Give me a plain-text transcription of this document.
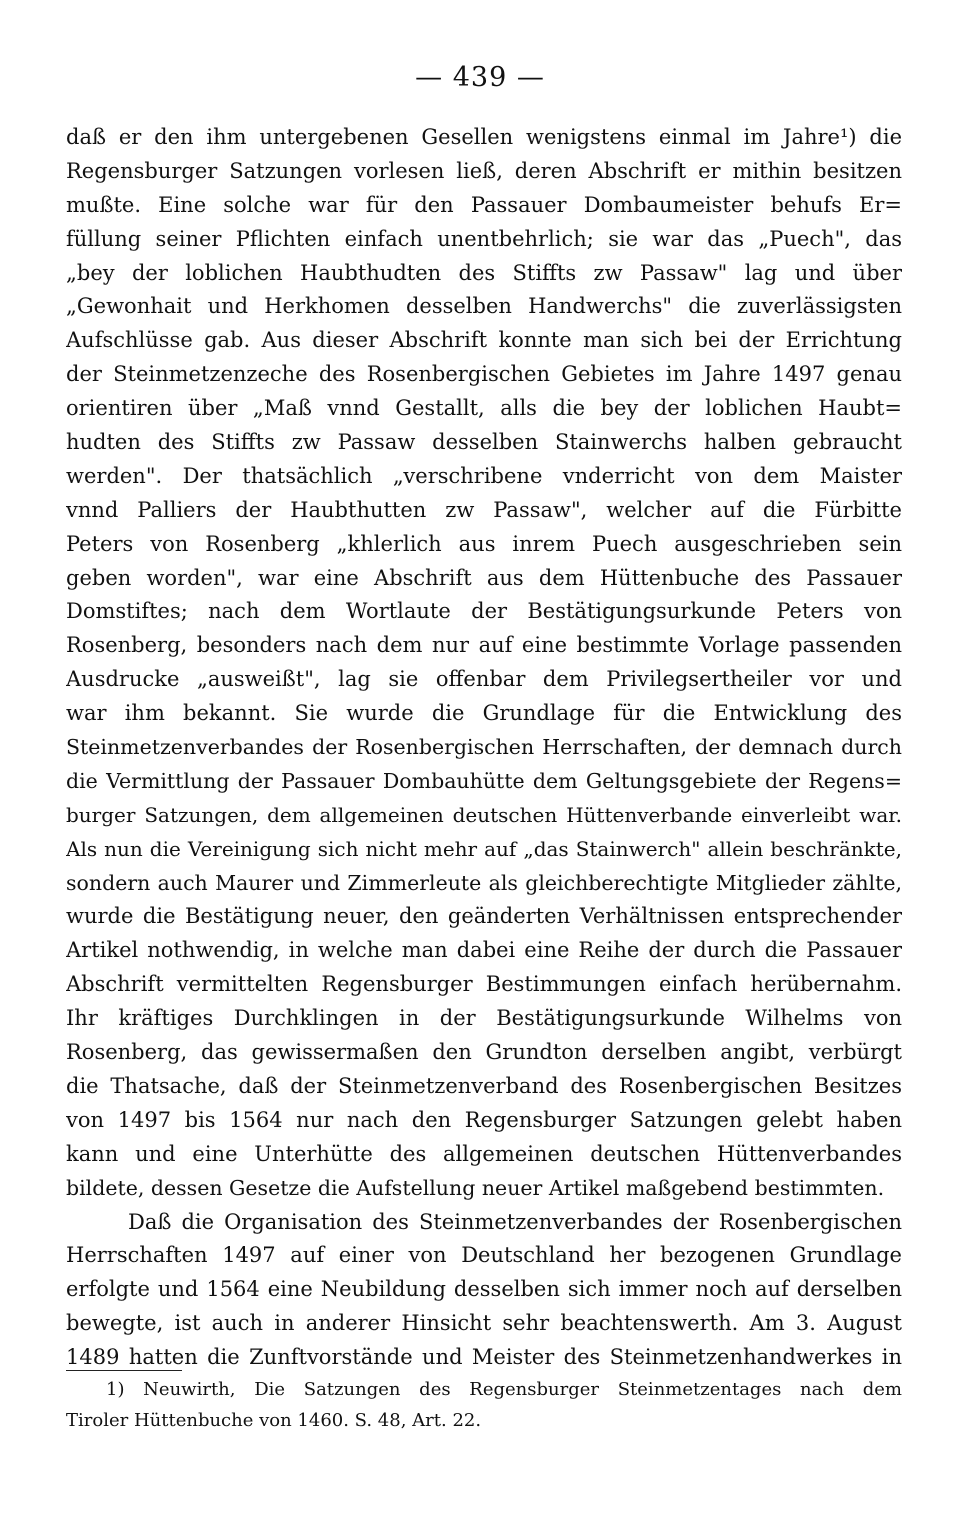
— 439 —
daß er den ihm untergebenen Gesellen wenigstens einmal im Jahre¹) die
Regensburger Satzungen vorlesen ließ, deren Abschrift er mithin besitzen
mußte. Eine solche war für den Passauer Dombaumeister behufs Er=
füllung seiner Pflichten einfach unentbehrlich; sie war das „Puech", das
„bey der loblichen Haubthudten des Stiffts zw Passaw" lag und über
„Gewonhait und Herkhomen desselben Handwerchs" die zuverlässigsten
Aufschlüsse gab. Aus dieser Abschrift konnte man sich bei der Errichtung
der Steinmetzenzeche des Rosenbergischen Gebietes im Jahre 1497 genau
orientiren über „Maß vnnd Gestallt, alls die bey der loblichen Haubt=
hudten des Stiffts zw Passaw desselben Stainwerchs halben gebraucht
werden". Der thatsächlich „verschribene vnderricht von dem Maister
vnnd Palliers der Haubthutten zw Passaw", welcher auf die Fürbitte
Peters von Rosenberg „khlerlich aus inrem Puech ausgeschrieben sein
geben worden", war eine Abschrift aus dem Hüttenbuche des Passauer
Domstiftes; nach dem Wortlaute der Bestätigungsurkunde Peters von
Rosenberg, besonders nach dem nur auf eine bestimmte Vorlage passenden
Ausdrucke „ausweißt", lag sie offenbar dem Privilegsertheiler vor und
war ihm bekannt. Sie wurde die Grundlage für die Entwicklung des
Steinmetzenverbandes der Rosenbergischen Herrschaften, der demnach durch
die Vermittlung der Passauer Dombauhütte dem Geltungsgebiete der Regens=
burger Satzungen, dem allgemeinen deutschen Hüttenverbande einverleibt war.
Als nun die Vereinigung sich nicht mehr auf „das Stainwerch" allein beschränkte,
sondern auch Maurer und Zimmerleute als gleichberechtigte Mitglieder zählte,
wurde die Bestätigung neuer, den geänderten Verhältnissen entsprechender
Artikel nothwendig, in welche man dabei eine Reihe der durch die Passauer
Abschrift vermittelten Regensburger Bestimmungen einfach herübernahm.
Ihr kräftiges Durchklingen in der Bestätigungsurkunde Wilhelms von
Rosenberg, das gewissermaßen den Grundton derselben angibt, verbürgt
die Thatsache, daß der Steinmetzenverband des Rosenbergischen Besitzes
von 1497 bis 1564 nur nach den Regensburger Satzungen gelebt haben
kann und eine Unterhütte des allgemeinen deutschen Hüttenverbandes
bildete, dessen Gesetze die Aufstellung neuer Artikel maßgebend bestimmten.
Daß die Organisation des Steinmetzenverbandes der Rosenbergischen
Herrschaften 1497 auf einer von Deutschland her bezogenen Grundlage
erfolgte und 1564 eine Neubildung desselben sich immer noch auf derselben
bewegte, ist auch in anderer Hinsicht sehr beachtenswerth. Am 3. August
1489 hatten die Zunftvorstände und Meister des Steinmetzenhandwerkes in
1) Neuwirth, Die Satzungen des Regensburger Steinmetzentages nach dem
Tiroler Hüttenbuche von 1460. S. 48, Art. 22.
